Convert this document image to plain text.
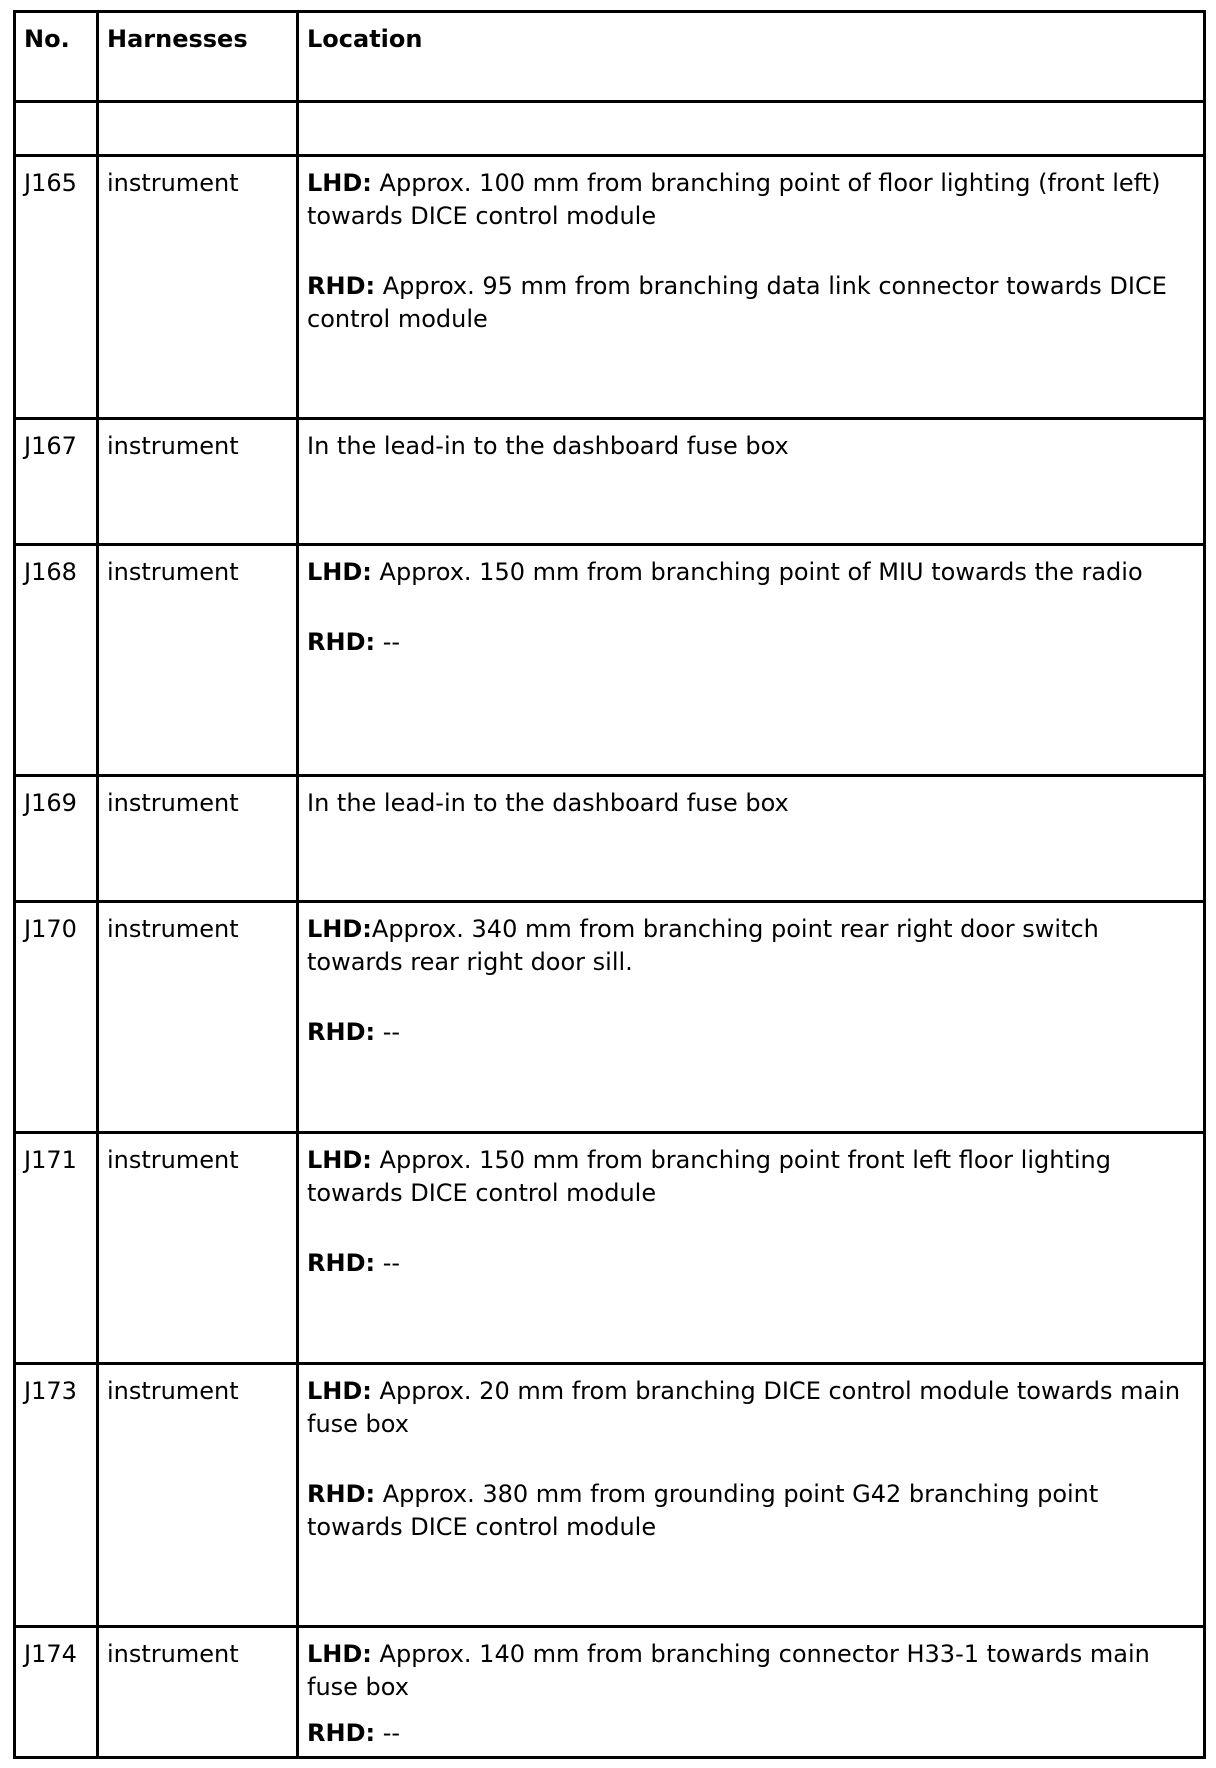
No.	Harnesses	Location

J165	instrument	LHD: Approx. 100 mm from branching point of floor lighting (front left) towards DICE control module

RHD: Approx. 95 mm from branching data link connector towards DICE control module

J167	instrument	In the lead-in to the dashboard fuse box

J168	instrument	LHD: Approx. 150 mm from branching point of MIU towards the radio

RHD: --

J169	instrument	In the lead-in to the dashboard fuse box

J170	instrument	LHD:Approx. 340 mm from branching point rear right door switch towards rear right door sill.

RHD: --

J171	instrument	LHD: Approx. 150 mm from branching point front left floor lighting towards DICE control module

RHD: --

J173	instrument	LHD: Approx. 20 mm from branching DICE control module towards main fuse box

RHD: Approx. 380 mm from grounding point G42 branching point towards DICE control module

J174	instrument	LHD: Approx. 140 mm from branching connector H33-1 towards main fuse box

RHD: --
